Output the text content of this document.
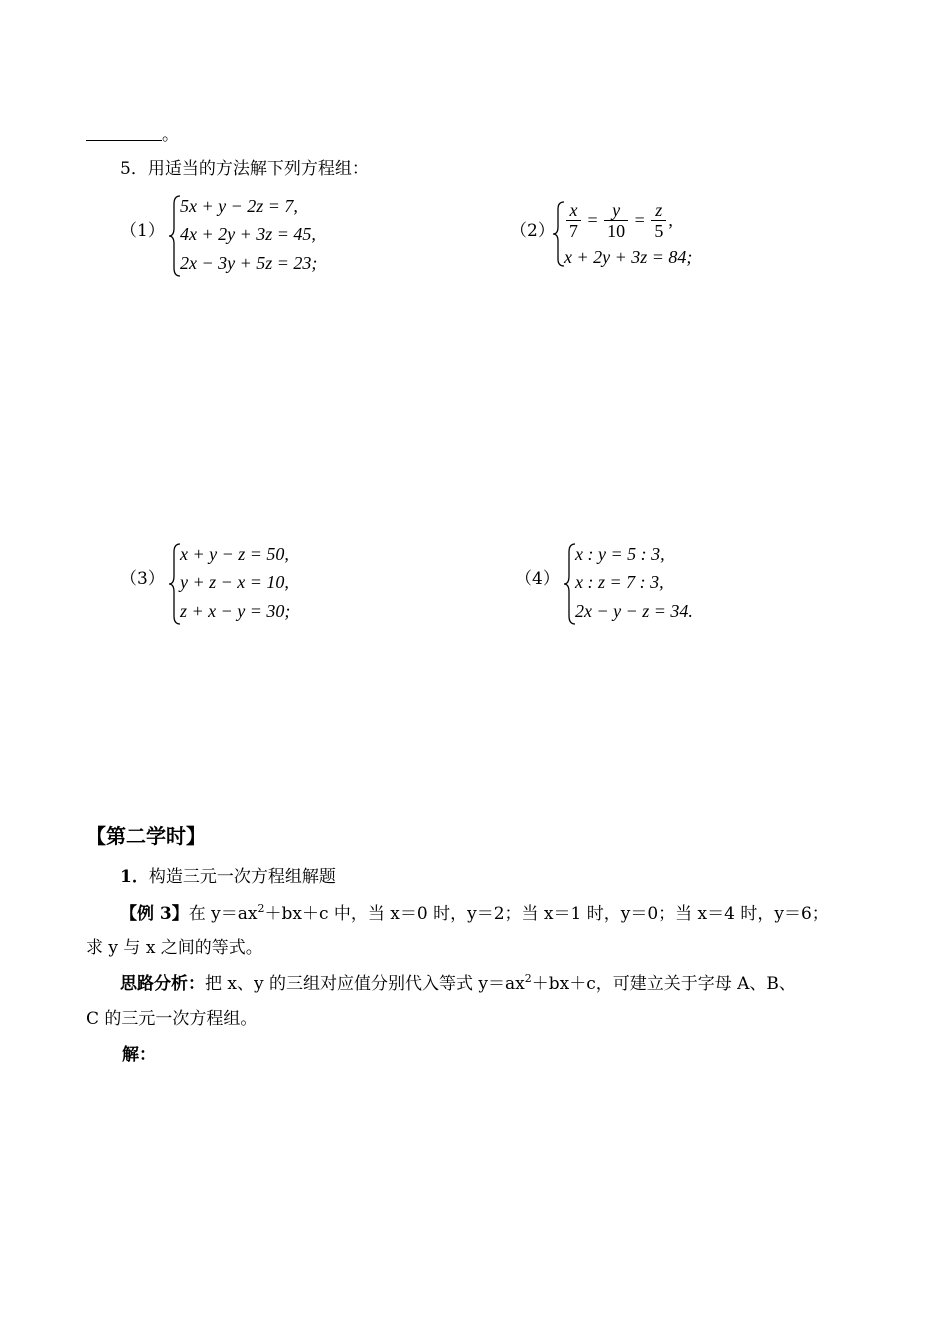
。
5．用适当的方法解下列方程组：
（1）
5x + y − 2z = 7,
4x + 2y + 3z = 45,
2x − 3y + 5z = 23;
$(2) \frac{x}{7} = \frac{y}{10} = \frac{z}{5}$ ,
x + 2y + 3z = 84;
（3）
x + y − z = 50,
y + z − x = 10,
z + x − y = 30;
（4）
x : y = 5 : 3,
x : z = 7 : 3,
2x − y − z = 34.
【第二学时】
1．构造三元一次方程组解题
【例 3】在 $y=ax^2+bx+c$ 中，当 x＝0 时，y＝2；当 x＝1 时，y＝0；当 x＝4 时，y＝6；
求 y 与 x 之间的等式。
思路分析：把 x、y 的三组对应值分别代入等式 $y=ax^2+bx+c$，可建立关于字母 A、B、
C 的三元一次方程组。
解：
